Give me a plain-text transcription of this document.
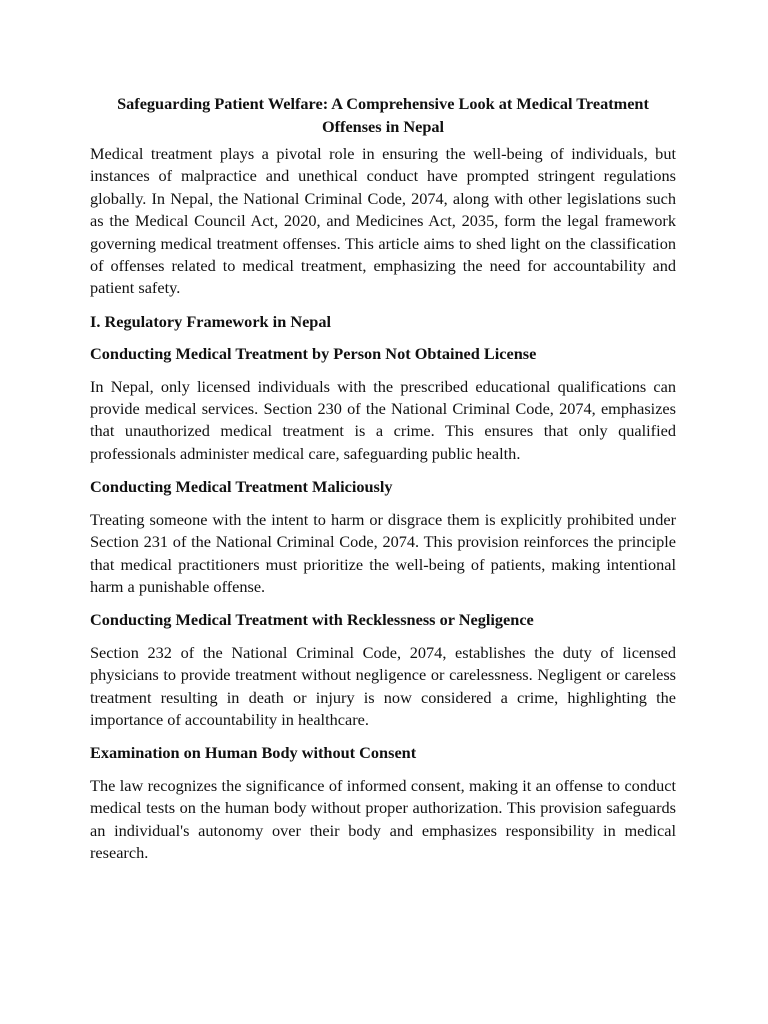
Safeguarding Patient Welfare: A Comprehensive Look at Medical Treatment Offenses in Nepal

Medical treatment plays a pivotal role in ensuring the well-being of individuals, but instances of malpractice and unethical conduct have prompted stringent regulations globally. In Nepal, the National Criminal Code, 2074, along with other legislations such as the Medical Council Act, 2020, and Medicines Act, 2035, form the legal framework governing medical treatment offenses. This article aims to shed light on the classification of offenses related to medical treatment, emphasizing the need for accountability and patient safety.

I. Regulatory Framework in Nepal
Conducting Medical Treatment by Person Not Obtained License

In Nepal, only licensed individuals with the prescribed educational qualifications can provide medical services. Section 230 of the National Criminal Code, 2074, emphasizes that unauthorized medical treatment is a crime. This ensures that only qualified professionals administer medical care, safeguarding public health.

Conducting Medical Treatment Maliciously

Treating someone with the intent to harm or disgrace them is explicitly prohibited under Section 231 of the National Criminal Code, 2074. This provision reinforces the principle that medical practitioners must prioritize the well-being of patients, making intentional harm a punishable offense.

Conducting Medical Treatment with Recklessness or Negligence

Section 232 of the National Criminal Code, 2074, establishes the duty of licensed physicians to provide treatment without negligence or carelessness. Negligent or careless treatment resulting in death or injury is now considered a crime, highlighting the importance of accountability in healthcare.

Examination on Human Body without Consent

The law recognizes the significance of informed consent, making it an offense to conduct medical tests on the human body without proper authorization. This provision safeguards an individual's autonomy over their body and emphasizes responsibility in medical research.
